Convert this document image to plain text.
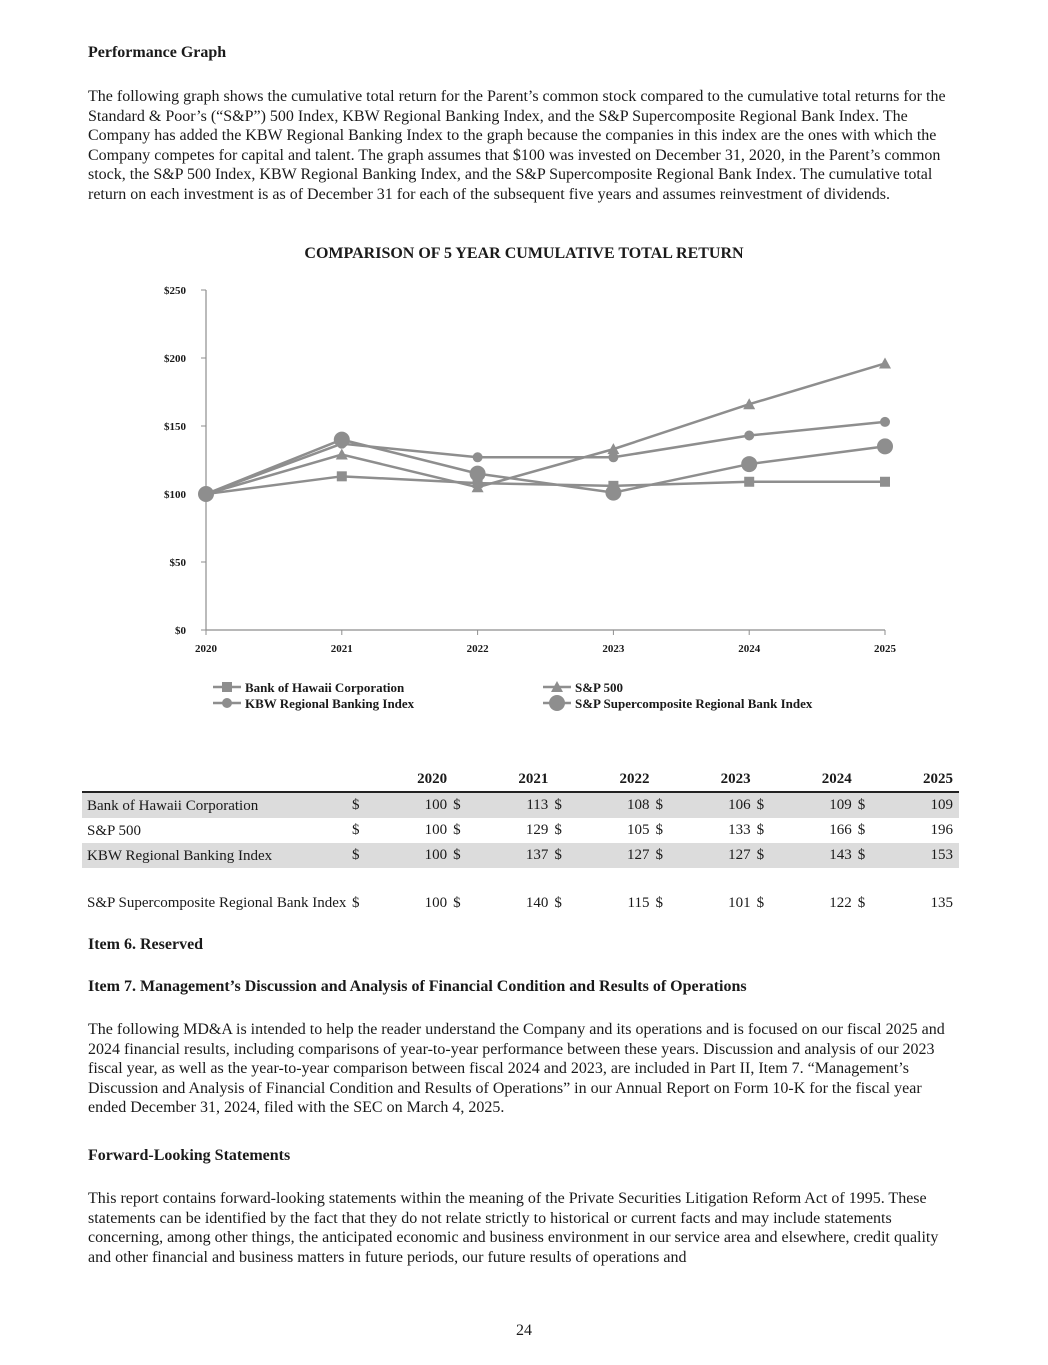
Performance Graph
The following graph shows the cumulative total return for the Parent’s common stock compared to the cumulative total returns for the Standard & Poor’s (“S&P”) 500 Index, KBW Regional Banking Index, and the S&P Supercomposite Regional Bank Index. The Company has added the KBW Regional Banking Index to the graph because the companies in this index are the ones with which the Company competes for capital and talent. The graph assumes that $100 was invested on December 31, 2020, in the Parent’s common stock, the S&P 500 Index, KBW Regional Banking Index, and the S&P Supercomposite Regional Bank Index. The cumulative total return on each investment is as of December 31 for each of the subsequent five years and assumes reinvestment of dividends.
COMPARISON OF 5 YEAR CUMULATIVE TOTAL RETURN
$0
$50
$100
$150
$200
$250
2020	2021	2022	2023	2024	2025
Bank of Hawaii Corporation	S&P 500
KBW Regional Banking Index	S&P Supercomposite Regional Bank Index
	2020		2021		2022		2023		2024		2025	
Bank of Hawaii Corporation	$	100	$	113	$	108	$	106	$	109	$	109
S&P 500	$	100	$	129	$	105	$	133	$	166	$	196
KBW Regional Banking Index	$	100	$	137	$	127	$	127	$	143	$	153
S&P Supercomposite Regional Bank Index	$	100	$	140	$	115	$	101	$	122	$	135
Item 6. Reserved
Item 7. Management’s Discussion and Analysis of Financial Condition and Results of Operations
The following MD&A is intended to help the reader understand the Company and its operations and is focused on our fiscal 2025 and 2024 financial results, including comparisons of year-to-year performance between these years. Discussion and analysis of our 2023 fiscal year, as well as the year-to-year comparison between fiscal 2024 and 2023, are included in Part II, Item 7. “Management’s Discussion and Analysis of Financial Condition and Results of Operations” in our Annual Report on Form 10-K for the fiscal year ended December 31, 2024, filed with the SEC on March 4, 2025.
Forward-Looking Statements
This report contains forward-looking statements within the meaning of the Private Securities Litigation Reform Act of 1995. These statements can be identified by the fact that they do not relate strictly to historical or current facts and may include statements concerning, among other things, the anticipated economic and business environment in our service area and elsewhere, credit quality and other financial and business matters in future periods, our future results of operations and
24
